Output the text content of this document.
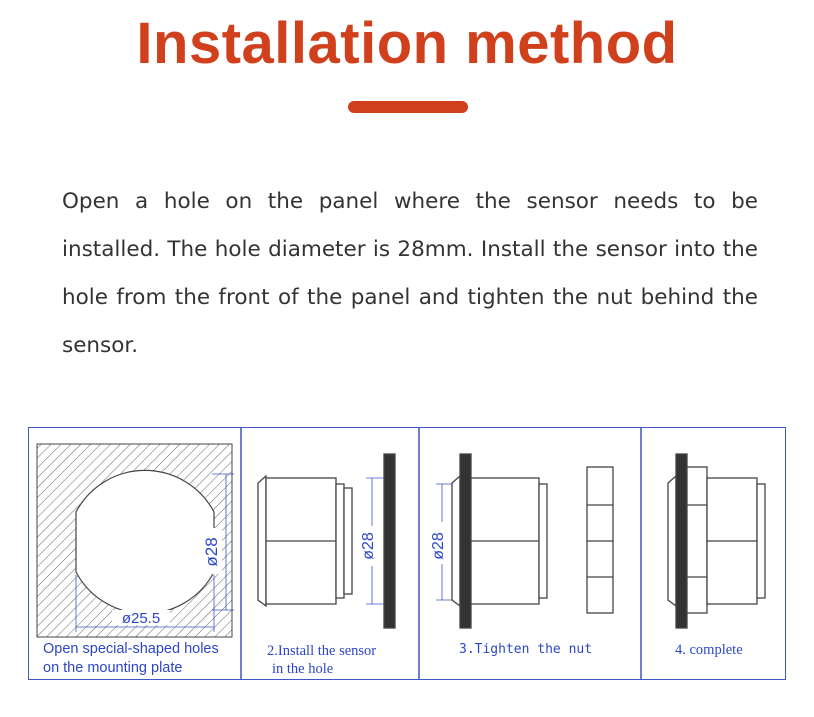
Installation method

Open a hole on the panel where the sensor needs to be installed. The hole diameter is 28mm. Install the sensor into the hole from the front of the panel and tighten the nut behind the sensor.

ø28
ø25.5
ø28	ø28
Open special-shaped holes
on the mounting plate
2.Install the sensor
in the hole
3.Tighten the nut	4. complete
